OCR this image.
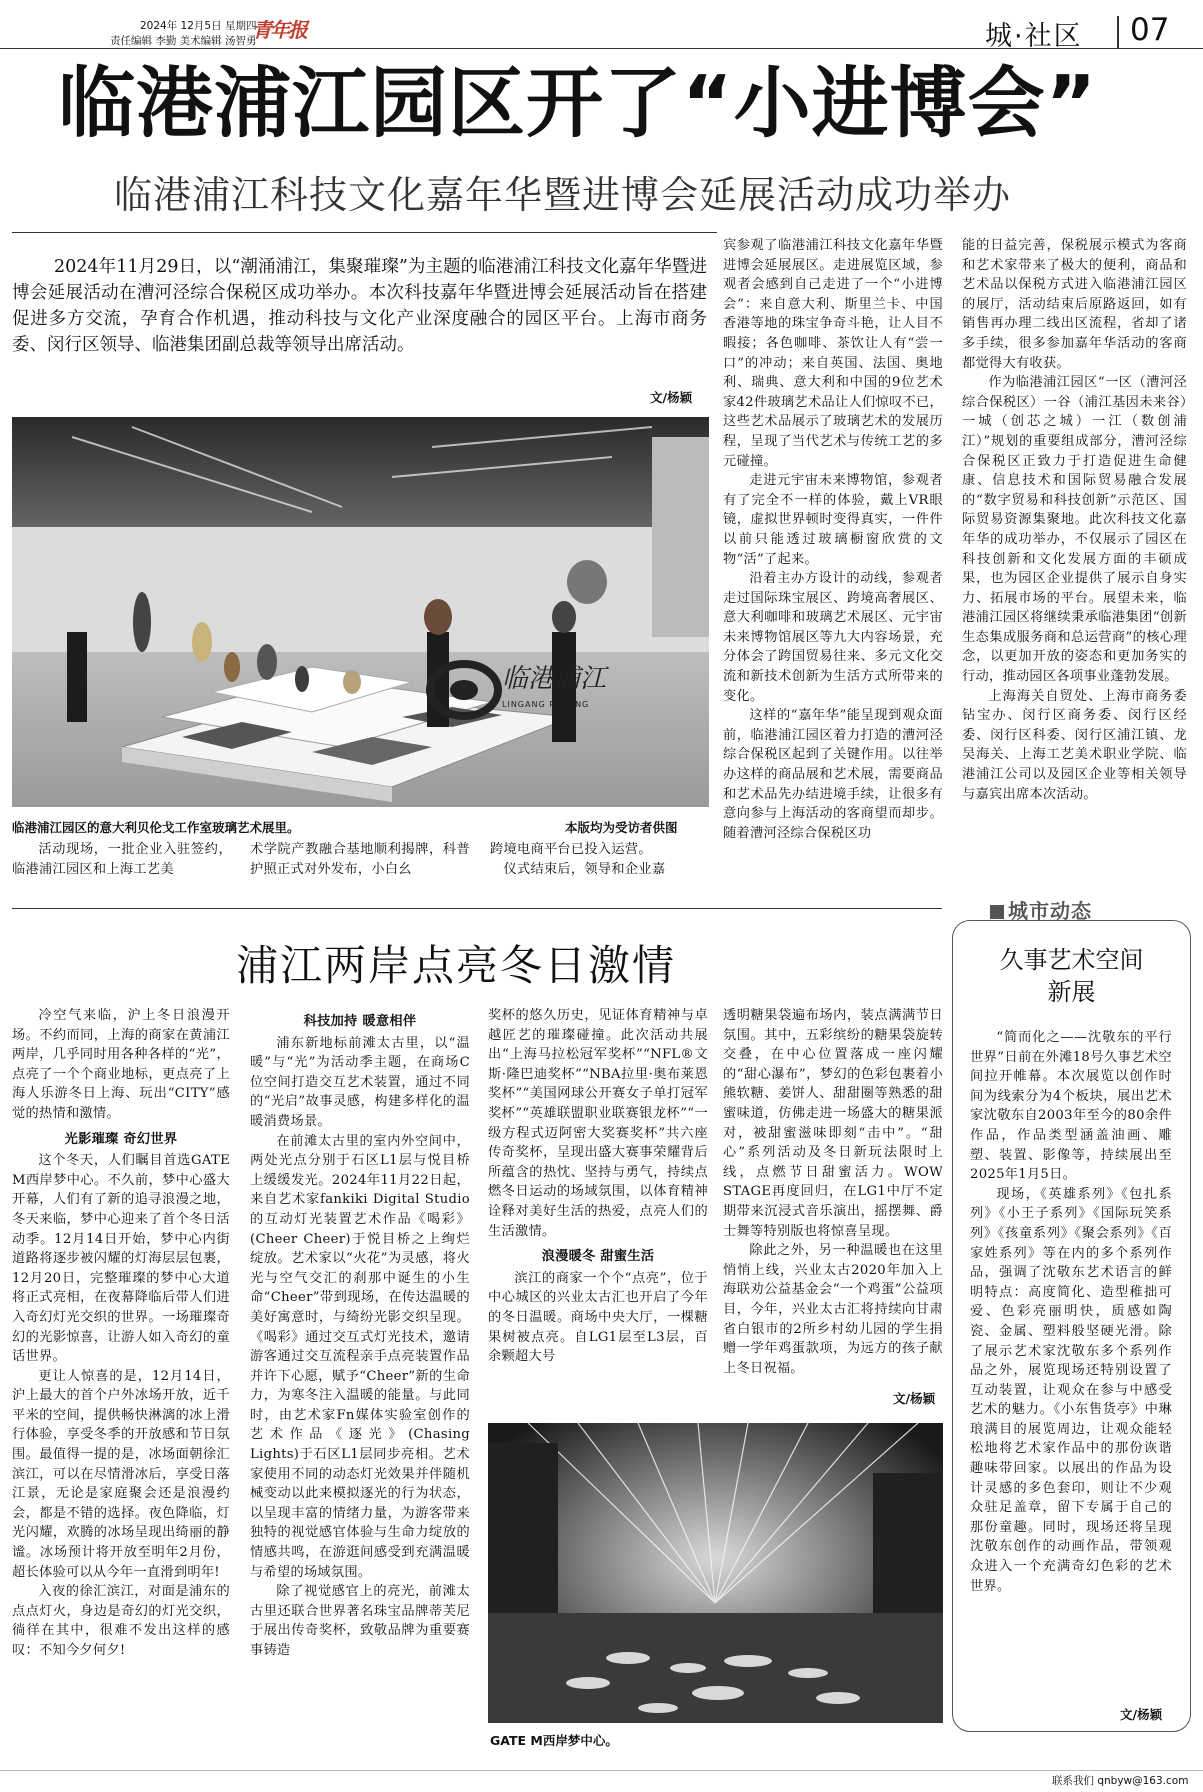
2024年 12月5日 星期四
责任编辑 李勤 美术编辑 汤智勇
青年报	城·社区 07
临港浦江园区开了“小进博会”
临港浦江科技文化嘉年华暨进博会延展活动成功举办
2024年11月29日，以“潮涌浦江，集聚璀璨”为主题的临港浦江科技文化嘉年华暨进博会延展活动在漕河泾综合保税区成功举办。本次科技嘉年华暨进博会延展活动旨在搭建促进多方交流，孕育合作机遇，推动科技与文化产业深度融合的园区平台。上海市商务委、闵行区领导、临港集团副总裁等领导出席活动。
文/杨颖
临港浦江
LINGANG PUJIANG
临港浦江园区的意大利贝伦戈工作室玻璃艺术展里。	本版均为受访者供图

活动现场，一批企业入驻签约，临港浦江园区和上海工艺美

术学院产教融合基地顺利揭牌，科普护照正式对外发布，小白幺

跨境电商平台已投入运营。
　仪式结束后，领导和企业嘉

宾参观了临港浦江科技文化嘉年华暨进博会延展展区。走进展览区域，参观者会感到自己走进了一个“小进博会”：来自意大利、斯里兰卡、中国香港等地的珠宝争奇斗艳，让人目不暇接；各色咖啡、茶饮让人有“尝一口”的冲动；来自英国、法国、奥地利、瑞典、意大利和中国的9位艺术家42件玻璃艺术品让人们惊叹不已，这些艺术品展示了玻璃艺术的发展历程，呈现了当代艺术与传统工艺的多元碰撞。

走进元宇宙未来博物馆，参观者有了完全不一样的体验，戴上VR眼镜，虚拟世界顿时变得真实，一件件以前只能透过玻璃橱窗欣赏的文物“活”了起来。

沿着主办方设计的动线，参观者走过国际珠宝展区、跨境高奢展区、意大利咖啡和玻璃艺术展区、元宇宙未来博物馆展区等九大内容场景，充分体会了跨国贸易往来、多元文化交流和新技术创新为生活方式所带来的变化。

这样的“嘉年华”能呈现到观众面前，临港浦江园区着力打造的漕河泾综合保税区起到了关键作用。以往举办这样的商品展和艺术展，需要商品和艺术品先办结进境手续，让很多有意向参与上海活动的客商望而却步。随着漕河泾综合保税区功

能的日益完善，保税展示模式为客商和艺术家带来了极大的便利，商品和艺术品以保税方式进入临港浦江园区的展厅，活动结束后原路返回，如有销售再办理二线出区流程，省却了诸多手续，很多参加嘉年华活动的客商都觉得大有收获。

作为临港浦江园区“一区（漕河泾综合保税区）一谷（浦江基因未来谷）一城（创芯之城）一江（数创浦江）”规划的重要组成部分，漕河泾综合保税区正致力于打造促进生命健康、信息技术和国际贸易融合发展的“数字贸易和科技创新”示范区、国际贸易资源集聚地。此次科技文化嘉年华的成功举办，不仅展示了园区在科技创新和文化发展方面的丰硕成果，也为园区企业提供了展示自身实力、拓展市场的平台。展望未来，临港浦江园区将继续秉承临港集团“创新生态集成服务商和总运营商”的核心理念，以更加开放的姿态和更加务实的行动，推动园区各项事业蓬勃发展。

上海海关自贸处、上海市商务委钻宝办、闵行区商务委、闵行区经委、闵行区科委、闵行区浦江镇、龙吴海关、上海工艺美术职业学院、临港浦江公司以及园区企业等相关领导与嘉宾出席本次活动。

浦江两岸点亮冬日激情

冷空气来临，沪上冬日浪漫开场。不约而同，上海的商家在黄浦江两岸，几乎同时用各种各样的“光”，点亮了一个个商业地标，更点亮了上海人乐游冬日上海、玩出“CITY”感觉的热情和激情。

光影璀璨 奇幻世界

这个冬天，人们瞩目首选GATE M西岸梦中心。不久前，梦中心盛大开幕，人们有了新的追寻浪漫之地，冬天来临，梦中心迎来了首个冬日活动季。12月14日开始，梦中心内街道路将逐步被闪耀的灯海层层包裹，12月20日，完整璀璨的梦中心大道将正式亮相，在夜幕降临后带人们进入奇幻灯光交织的世界。一场璀璨奇幻的光影惊喜，让游人如入奇幻的童话世界。

更让人惊喜的是，12月14日，沪上最大的首个户外冰场开放，近千平米的空间，提供畅快淋漓的冰上滑行体验，享受冬季的开放感和节日氛围。最值得一提的是，冰场面朝徐汇滨江，可以在尽情滑冰后，享受日落江景，无论是家庭聚会还是浪漫约会，都是不错的选择。夜色降临，灯光闪耀，欢腾的冰场呈现出绮丽的静谧。冰场预计将开放至明年2月份，超长体验可以从今年一直滑到明年!

入夜的徐汇滨江，对面是浦东的点点灯火，身边是奇幻的灯光交织，徜徉在其中，很难不发出这样的感叹：不知今夕何夕!

科技加持 暖意相伴

浦东新地标前滩太古里，以“温暖”与“光”为活动季主题，在商场C位空间打造交互艺术装置，通过不同的“光启”故事灵感，构建多样化的温暖消费场景。

在前滩太古里的室内外空间中，两处光点分别于石区L1层与悦目桥上缓缓发光。2024年11月22日起，来自艺术家fankiki Digital Studio的互动灯光装置艺术作品《喝彩》(Cheer Cheer)于悦目桥之上绚烂绽放。艺术家以“火花”为灵感，将火光与空气交汇的刹那中诞生的小生命“Cheer”带到现场，在传达温暖的美好寓意时，与绮纷光影交织呈现。《喝彩》通过交互式灯光技术，邀请游客通过交互流程亲手点亮装置作品并许下心愿，赋予“Cheer”新的生命力，为寒冬注入温暖的能量。与此同时，由艺术家Fn媒体实验室创作的艺术作品《逐光》(Chasing Lights)于石区L1层同步亮相。艺术家使用不同的动态灯光效果并伴随机械变动以此来模拟逐光的行为状态，以呈现丰富的情绪力量，为游客带来独特的视觉感官体验与生命力绽放的情感共鸣，在游逛间感受到充满温暖与希望的场域氛围。

除了视觉感官上的亮光，前滩太古里还联合世界著名珠宝品牌蒂芙尼于展出传奇奖杯，致敬品牌为重要赛事铸造

奖杯的悠久历史，见证体育精神与卓越匠艺的璀璨碰撞。此次活动共展出“上海马拉松冠军奖杯”“NFL®文斯·隆巴迪奖杯”“NBA拉里·奥布莱恩奖杯”“美国网球公开赛女子单打冠军奖杯”“英雄联盟职业联赛银龙杯”“一级方程式迈阿密大奖赛奖杯”共六座传奇奖杯，呈现出盛大赛事荣耀背后所蕴含的热忱、坚持与勇气，持续点燃冬日运动的场域氛围，以体育精神诠释对美好生活的热爱，点亮人们的生活激情。

浪漫暖冬 甜蜜生活

滨江的商家一个个“点亮”，位于中心城区的兴业太古汇也开启了今年的冬日温暖。商场中央大厅，一棵糖果树被点亮。自LG1层至L3层，百余颗超大号

透明糖果袋遍布场内，装点满满节日氛围。其中，五彩缤纷的糖果袋旋转交叠，在中心位置落成一座闪耀的“甜心瀑布”，梦幻的色彩包裹着小熊软糖、姜饼人、甜甜圈等熟悉的甜蜜味道，仿佛走进一场盛大的糖果派对，被甜蜜滋味即刻“击中”。“甜心”系列活动及冬日新玩法限时上线，点燃节日甜蜜活力。WOW STAGE再度回归，在LG1中厅不定期带来沉浸式音乐演出，摇摆舞、爵士舞等特别版也将惊喜呈现。

除此之外，另一种温暖也在这里悄悄上线，兴业太古2020年加入上海联劝公益基金会“一个鸡蛋”公益项目，今年，兴业太古汇将持续向甘肃省白银市的2所乡村幼儿园的学生捐赠一学年鸡蛋款项，为远方的孩子献上冬日祝福。

文/杨颖
GATE M西岸梦中心。
城市动态
久事艺术空间
新展

“简而化之——沈敬东的平行世界”日前在外滩18号久事艺术空间拉开帷幕。本次展览以创作时间为线索分为4个板块，展出艺术家沈敬东自2003年至今的80余件作品，作品类型涵盖油画、雕塑、装置、影像等，持续展出至2025年1月5日。

现场，《英雄系列》《包扎系列》《小王子系列》《国际玩笑系列》《孩童系列》《聚会系列》《百家姓系列》等在内的多个系列作品，强调了沈敬东艺术语言的鲜明特点：高度简化、造型稚拙可爱、色彩亮丽明快，质感如陶瓷、金属、塑料般坚硬光滑。除了展示艺术家沈敬东多个系列作品之外，展览现场还特别设置了互动装置，让观众在参与中感受艺术的魅力。《小东售货亭》中琳琅满目的展览周边，让观众能轻松地将艺术家作品中的那份诙谐趣味带回家。以展出的作品为设计灵感的多色套印，则让不少观众驻足盖章，留下专属于自己的那份童趣。同时，现场还将呈现沈敬东创作的动画作品，带领观众进入一个充满奇幻色彩的艺术世界。

文/杨颖
联系我们 qnbyw@163.com
